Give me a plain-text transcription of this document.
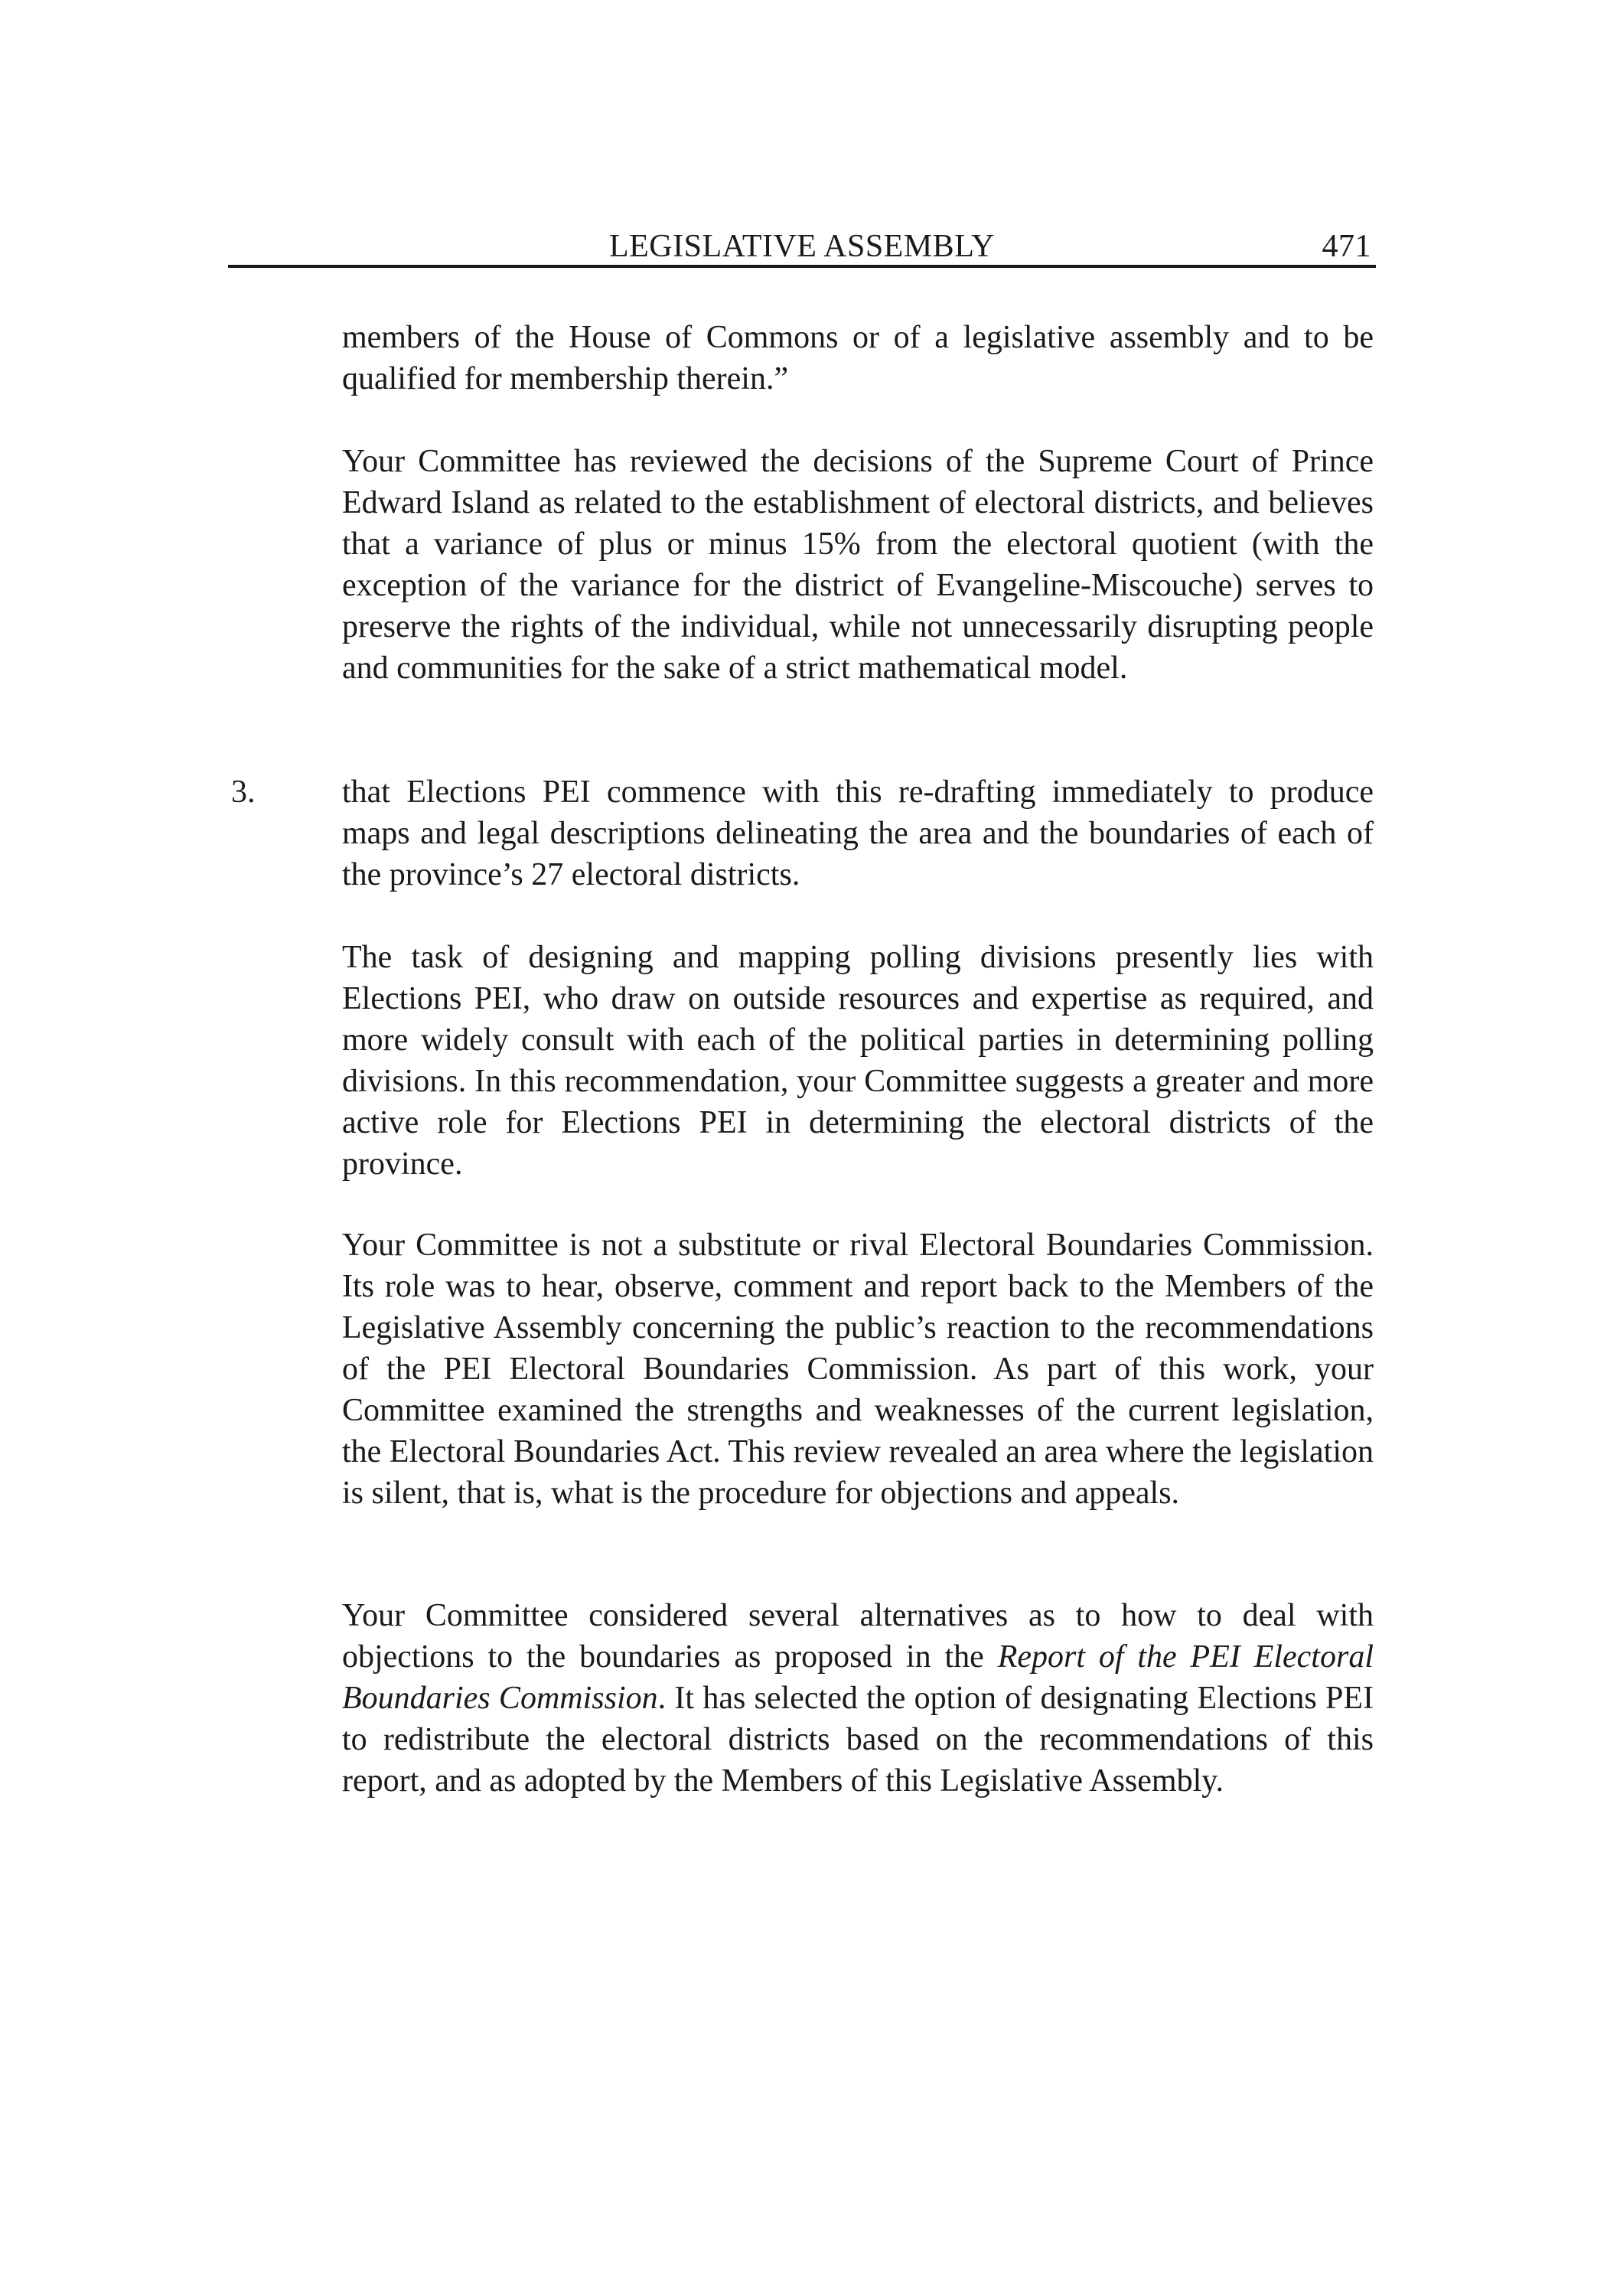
LEGISLATIVE ASSEMBLY	471

members of the House of Commons or of a legislative assembly and to be qualified for membership therein.”

Your Committee has reviewed the decisions of the Supreme Court of Prince Edward Island as related to the establishment of electoral districts, and believes that a variance of plus or minus 15% from the electoral quotient (with the exception of the variance for the district of Evangeline-Miscouche) serves to preserve the rights of the individual, while not unnecessarily disrupting people and communities for the sake of a strict mathematical model.

3.	that Elections PEI commence with this re-drafting immediately to produce maps and legal descriptions delineating the area and the boundaries of each of the province’s 27 electoral districts.

The task of designing and mapping polling divisions presently lies with Elections PEI, who draw on outside resources and expertise as required, and more widely consult with each of the political parties in determining polling divisions. In this recommendation, your Committee suggests a greater and more active role for Elections PEI in determining the electoral districts of the province.

Your Committee is not a substitute or rival Electoral Boundaries Commission. Its role was to hear, observe, comment and report back to the Members of the Legislative Assembly concerning the public’s reaction to the recommendations of the PEI Electoral Boundaries Commission. As part of this work, your Committee examined the strengths and weaknesses of the current legislation, the Electoral Boundaries Act. This review revealed an area where the legislation is silent, that is, what is the procedure for objections and appeals.

Your Committee considered several alternatives as to how to deal with objections to the boundaries as proposed in the Report of the PEI Electoral Boundaries Commission. It has selected the option of designating Elections PEI to redistribute the electoral districts based on the recommendations of this report, and as adopted by the Members of this Legislative Assembly.
